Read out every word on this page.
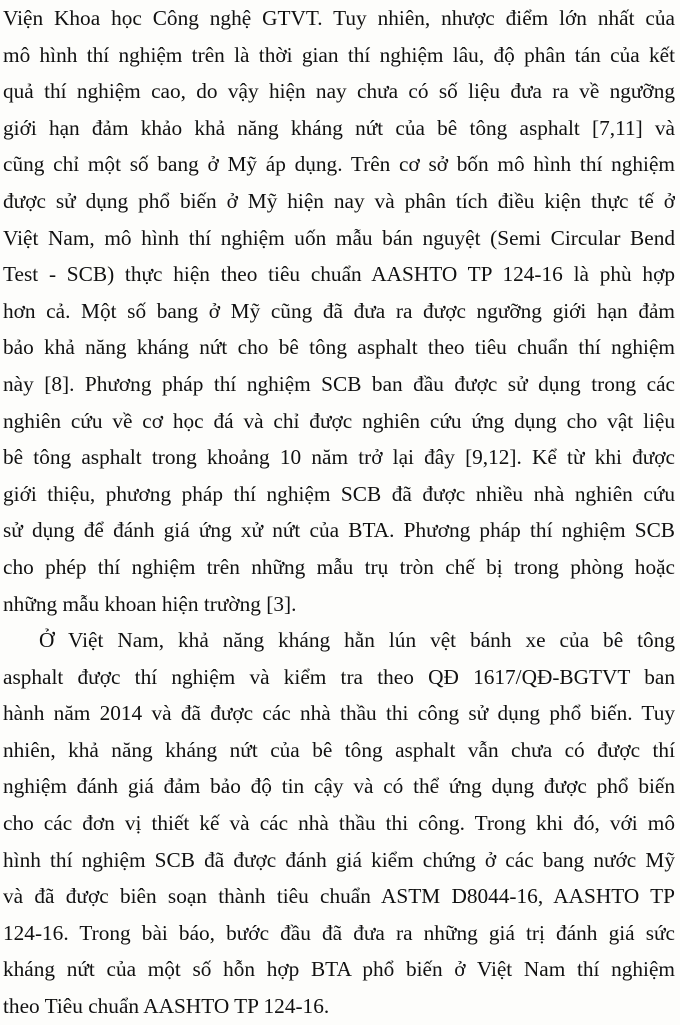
Viện Khoa học Công nghệ GTVT. Tuy nhiên, nhược điểm lớn nhất của
mô hình thí nghiệm trên là thời gian thí nghiệm lâu, độ phân tán của kết
quả thí nghiệm cao, do vậy hiện nay chưa có số liệu đưa ra về ngưỡng
giới hạn đảm khảo khả năng kháng nứt của bê tông asphalt [7,11] và
cũng chỉ một số bang ở Mỹ áp dụng. Trên cơ sở bốn mô hình thí nghiệm
được sử dụng phổ biến ở Mỹ hiện nay và phân tích điều kiện thực tế ở
Việt Nam, mô hình thí nghiệm uốn mẫu bán nguyệt (Semi Circular Bend
Test - SCB) thực hiện theo tiêu chuẩn AASHTO TP 124-16 là phù hợp
hơn cả. Một số bang ở Mỹ cũng đã đưa ra được ngưỡng giới hạn đảm
bảo khả năng kháng nứt cho bê tông asphalt theo tiêu chuẩn thí nghiệm
này [8]. Phương pháp thí nghiệm SCB ban đầu được sử dụng trong các
nghiên cứu về cơ học đá và chỉ được nghiên cứu ứng dụng cho vật liệu
bê tông asphalt trong khoảng 10 năm trở lại đây [9,12]. Kể từ khi được
giới thiệu, phương pháp thí nghiệm SCB đã được nhiều nhà nghiên cứu
sử dụng để đánh giá ứng xử nứt của BTA. Phương pháp thí nghiệm SCB
cho phép thí nghiệm trên những mẫu trụ tròn chế bị trong phòng hoặc
những mẫu khoan hiện trường [3].
Ở Việt Nam, khả năng kháng hằn lún vệt bánh xe của bê tông
asphalt được thí nghiệm và kiểm tra theo QĐ 1617/QĐ-BGTVT ban
hành năm 2014 và đã được các nhà thầu thi công sử dụng phổ biến. Tuy
nhiên, khả năng kháng nứt của bê tông asphalt vẫn chưa có được thí
nghiệm đánh giá đảm bảo độ tin cậy và có thể ứng dụng được phổ biến
cho các đơn vị thiết kế và các nhà thầu thi công. Trong khi đó, với mô
hình thí nghiệm SCB đã được đánh giá kiểm chứng ở các bang nước Mỹ
và đã được biên soạn thành tiêu chuẩn ASTM D8044-16, AASHTO TP
124-16. Trong bài báo, bước đầu đã đưa ra những giá trị đánh giá sức
kháng nứt của một số hỗn hợp BTA phổ biến ở Việt Nam thí nghiệm
theo Tiêu chuẩn AASHTO TP 124-16.
